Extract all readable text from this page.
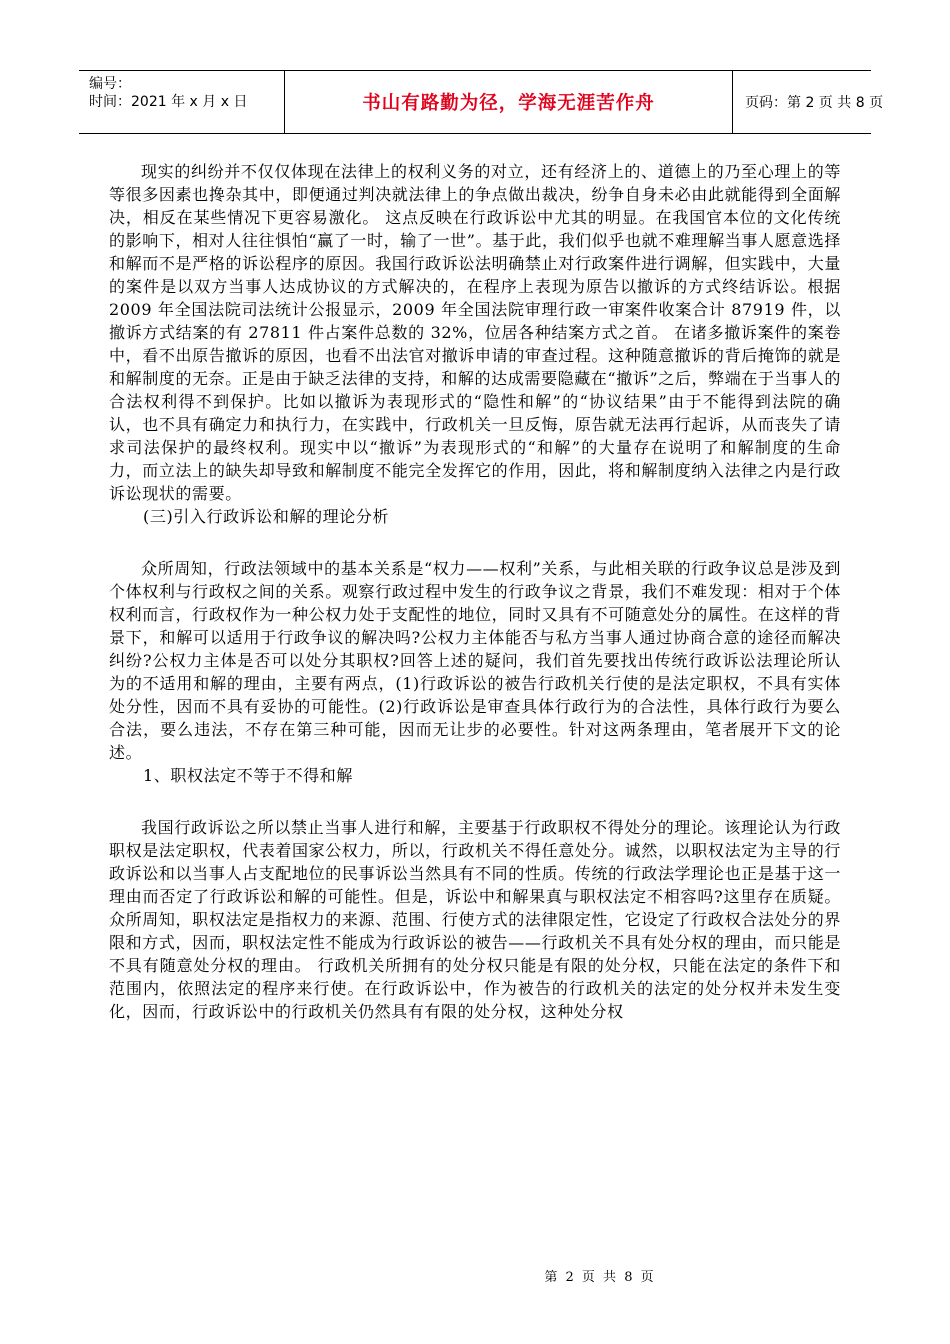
编号：
时间：2021 年 x 月 x 日	书山有路勤为径，学海无涯苦作舟	页码：第 2 页 共 8 页

现实的纠纷并不仅仅体现在法律上的权利义务的对立，还有经济上的、道德上的乃至心理上的等等很多因素也搀杂其中，即便通过判决就法律上的争点做出裁决，纷争自身未必由此就能得到全面解决，相反在某些情况下更容易激化。 这点反映在行政诉讼中尤其的明显。在我国官本位的文化传统的影响下，相对人往往惧怕“赢了一时，输了一世”。基于此，我们似乎也就不难理解当事人愿意选择和解而不是严格的诉讼程序的原因。我国行政诉讼法明确禁止对行政案件进行调解，但实践中，大量的案件是以双方当事人达成协议的方式解决的，在程序上表现为原告以撤诉的方式终结诉讼。根据 2009 年全国法院司法统计公报显示，2009 年全国法院审理行政一审案件收案合计 87919 件，以撤诉方式结案的有 27811 件占案件总数的 32%，位居各种结案方式之首。 在诸多撤诉案件的案卷中，看不出原告撤诉的原因，也看不出法官对撤诉申请的审查过程。这种随意撤诉的背后掩饰的就是和解制度的无奈。正是由于缺乏法律的支持，和解的达成需要隐藏在“撤诉”之后，弊端在于当事人的合法权利得不到保护。比如以撤诉为表现形式的“隐性和解”的“协议结果”由于不能得到法院的确认，也不具有确定力和执行力，在实践中，行政机关一旦反悔，原告就无法再行起诉，从而丧失了请求司法保护的最终权利。现实中以“撤诉”为表现形式的“和解”的大量存在说明了和解制度的生命力，而立法上的缺失却导致和解制度不能完全发挥它的作用，因此，将和解制度纳入法律之内是行政诉讼现状的需要。

(三)引入行政诉讼和解的理论分析

众所周知，行政法领域中的基本关系是“权力——权利”关系，与此相关联的行政争议总是涉及到个体权利与行政权之间的关系。观察行政过程中发生的行政争议之背景，我们不难发现：相对于个体权利而言，行政权作为一种公权力处于支配性的地位，同时又具有不可随意处分的属性。在这样的背景下，和解可以适用于行政争议的解决吗?公权力主体能否与私方当事人通过协商合意的途径而解决纠纷?公权力主体是否可以处分其职权?回答上述的疑问，我们首先要找出传统行政诉讼法理论所认为的不适用和解的理由，主要有两点，(1)行政诉讼的被告行政机关行使的是法定职权，不具有实体处分性，因而不具有妥协的可能性。(2)行政诉讼是审查具体行政行为的合法性，具体行政行为要么合法，要么违法，不存在第三种可能，因而无让步的必要性。针对这两条理由，笔者展开下文的论述。

1、职权法定不等于不得和解

我国行政诉讼之所以禁止当事人进行和解，主要基于行政职权不得处分的理论。该理论认为行政职权是法定职权，代表着国家公权力，所以，行政机关不得任意处分。诚然，以职权法定为主导的行政诉讼和以当事人占支配地位的民事诉讼当然具有不同的性质。传统的行政法学理论也正是基于这一理由而否定了行政诉讼和解的可能性。但是，诉讼中和解果真与职权法定不相容吗?这里存在质疑。众所周知，职权法定是指权力的来源、范围、行使方式的法律限定性，它设定了行政权合法处分的界限和方式，因而，职权法定性不能成为行政诉讼的被告——行政机关不具有处分权的理由，而只能是不具有随意处分权的理由。 行政机关所拥有的处分权只能是有限的处分权，只能在法定的条件下和范围内，依照法定的程序来行使。在行政诉讼中，作为被告的行政机关的法定的处分权并未发生变化，因而，行政诉讼中的行政机关仍然具有有限的处分权，这种处分权

第 2 页 共 8 页
